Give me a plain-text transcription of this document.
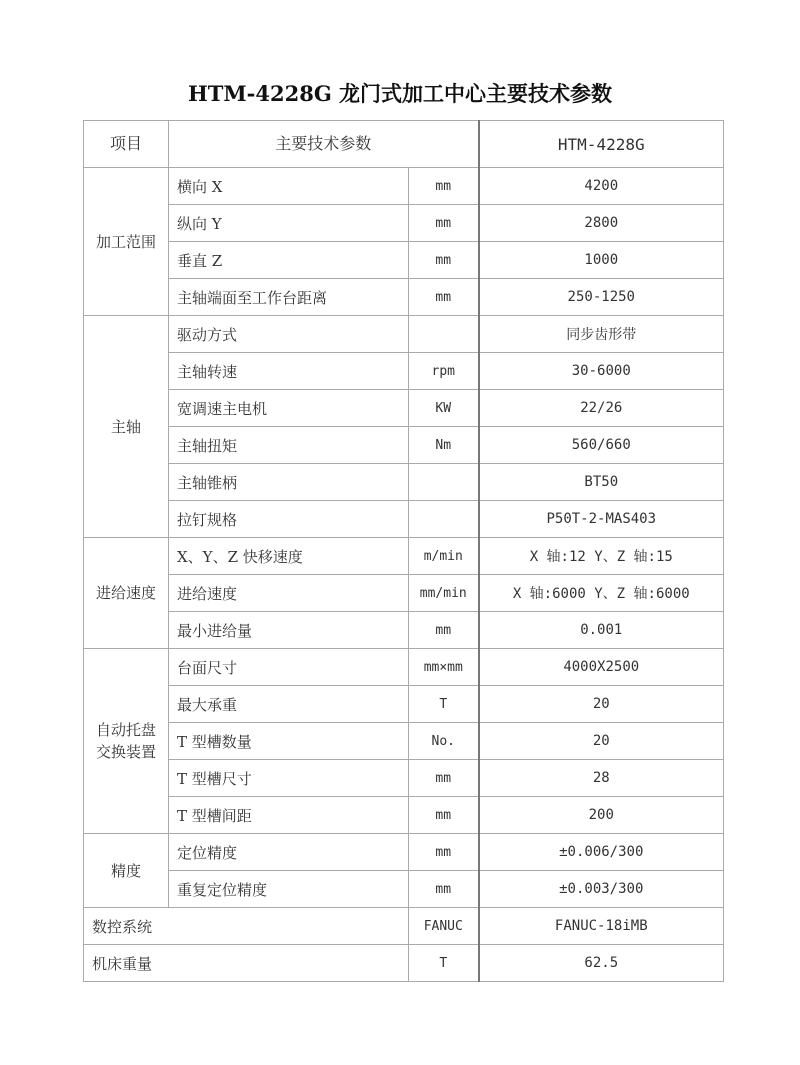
HTM-4228G 龙门式加工中心主要技术参数
项目	主要技术参数		HTM-4228G
加工范围	横向 X	mm	4200
	纵向 Y	mm	2800
	垂直 Z	mm	1000
	主轴端面至工作台距离	mm	250-1250
主轴	驱动方式		同步齿形带
	主轴转速	rpm	30-6000
	宽调速主电机	KW	22/26
	主轴扭矩	Nm	560/660
	主轴锥柄		BT50
	拉钉规格		P50T-2-MAS403
进给速度	X、Y、Z 快移速度	m/min	X 轴:12 Y、Z 轴:15
	进给速度	mm/min	X 轴:6000 Y、Z 轴:6000
	最小进给量	mm	0.001

自动托盘
交换装置	台面尺寸	mm×mm	4000X2500
	最大承重	T	20
	T 型槽数量	No.	20
	T 型槽尺寸	mm	28
	T 型槽间距	mm	200
精度	定位精度	mm	±0.006/300
	重复定位精度	mm	±0.003/300
数控系统		FANUC	FANUC-18iMB
机床重量		T	62.5
